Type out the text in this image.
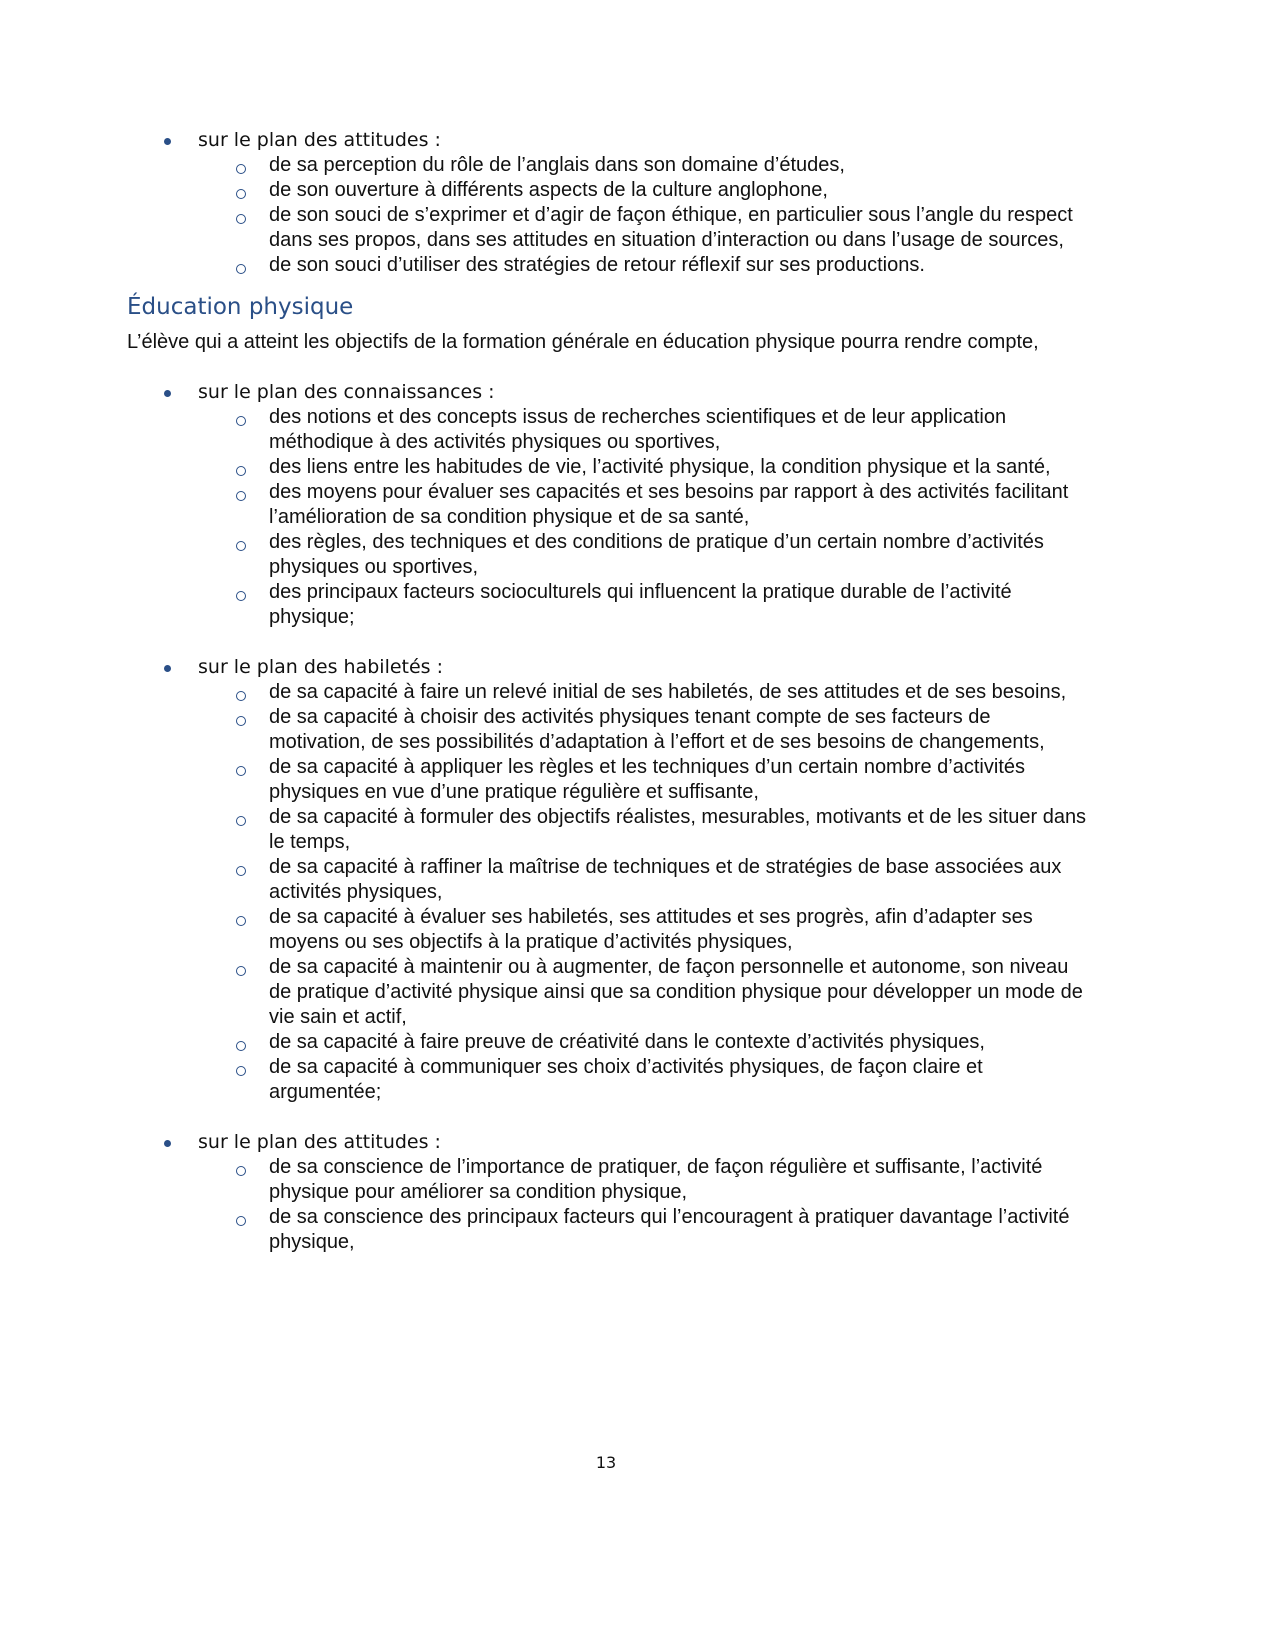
sur le plan des attitudes :
de sa perception du rôle de l’anglais dans son domaine d’études,
de son ouverture à différents aspects de la culture anglophone,
de son souci de s’exprimer et d’agir de façon éthique, en particulier sous l’angle du respect dans ses propos, dans ses attitudes en situation d’interaction ou dans l’usage de sources,
de son souci d’utiliser des stratégies de retour réflexif sur ses productions.
Éducation physique

L’élève qui a atteint les objectifs de la formation générale en éducation physique pourra rendre compte,

sur le plan des connaissances :
des notions et des concepts issus de recherches scientifiques et de leur application méthodique à des activités physiques ou sportives,
des liens entre les habitudes de vie, l’activité physique, la condition physique et la santé,
des moyens pour évaluer ses capacités et ses besoins par rapport à des activités facilitant l’amélioration de sa condition physique et de sa santé,
des règles, des techniques et des conditions de pratique d’un certain nombre d’activités physiques ou sportives,
des principaux facteurs socioculturels qui influencent la pratique durable de l’activité physique;
sur le plan des habiletés :
de sa capacité à faire un relevé initial de ses habiletés, de ses attitudes et de ses besoins,
de sa capacité à choisir des activités physiques tenant compte de ses facteurs de motivation, de ses possibilités d’adaptation à l’effort et de ses besoins de changements,
de sa capacité à appliquer les règles et les techniques d’un certain nombre d’activités physiques en vue d’une pratique régulière et suffisante,
de sa capacité à formuler des objectifs réalistes, mesurables, motivants et de les situer dans le temps,
de sa capacité à raffiner la maîtrise de techniques et de stratégies de base associées aux activités physiques,
de sa capacité à évaluer ses habiletés, ses attitudes et ses progrès, afin d’adapter ses moyens ou ses objectifs à la pratique d’activités physiques,
de sa capacité à maintenir ou à augmenter, de façon personnelle et autonome, son niveau de pratique d’activité physique ainsi que sa condition physique pour développer un mode de vie sain et actif,
de sa capacité à faire preuve de créativité dans le contexte d’activités physiques,
de sa capacité à communiquer ses choix d’activités physiques, de façon claire et argumentée;
sur le plan des attitudes :
de sa conscience de l’importance de pratiquer, de façon régulière et suffisante, l’activité physique pour améliorer sa condition physique,
de sa conscience des principaux facteurs qui l’encouragent à pratiquer davantage l’activité physique,
13
